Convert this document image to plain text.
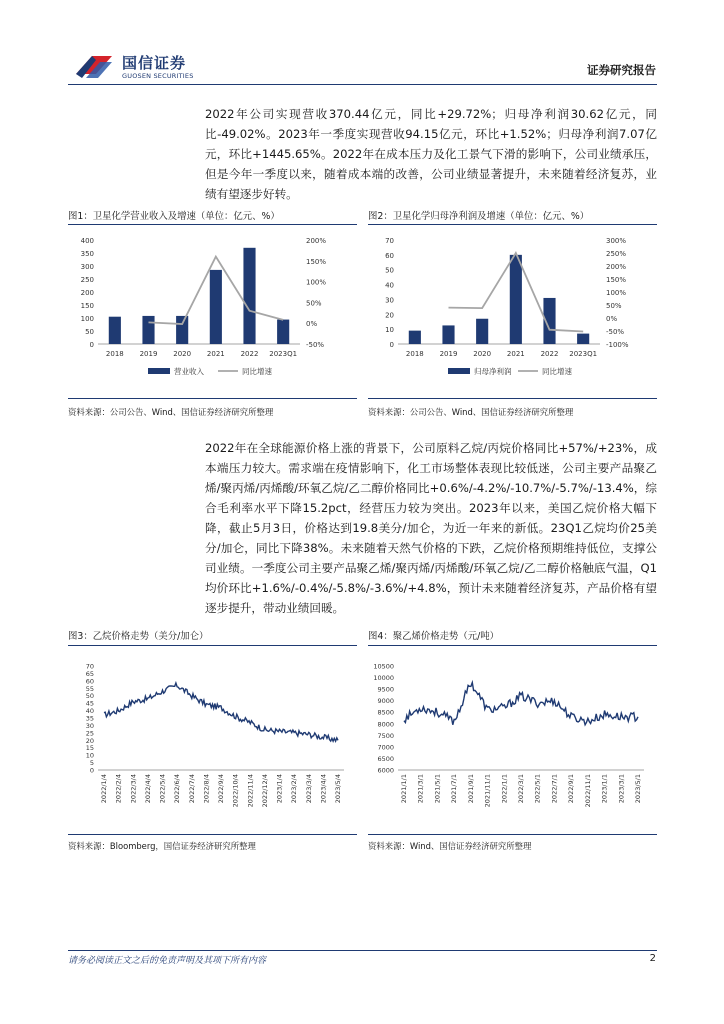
国信证券
GUOSEN SECURITIES	证券研究报告

2022年公司实现营收370.44亿元，同比+29.72%；归母净利润30.62亿元，同比-49.02%。2023年一季度实现营收94.15亿元，环比+1.52%；归母净利润7.07亿元，环比+1445.65%。2022年在成本压力及化工景气下滑的影响下，公司业绩承压，但是今年一季度以来，随着成本端的改善，公司业绩显著提升，未来随着经济复苏，业绩有望逐步好转。

图1：卫星化学营业收入及增速（单位：亿元、%）
0
50
100
150
200
250
300
350
400
-50%
0%
50%
100%
150%
200%
2018 2019 2020 2021 2022 2023Q1
营业收入	同比增速
资料来源：公司公告、Wind、国信证券经济研究所整理
图2：卫星化学归母净利润及增速（单位：亿元、%）
0
10
20
30
40
50
60
70
-100%
-50%
0%
50%
100%
150%
200%
250%
300%
2018 2019 2020 2021 2022 2023Q1
归母净利润	同比增速
资料来源：公司公告、Wind、国信证券经济研究所整理

2022年在全球能源价格上涨的背景下，公司原料乙烷/丙烷价格同比+57%/+23%，成本端压力较大。需求端在疫情影响下，化工市场整体表现比较低迷，公司主要产品聚乙烯/聚丙烯/丙烯酸/环氧乙烷/乙二醇价格同比+0.6%/-4.2%/-10.7%/-5.7%/-13.4%，综合毛利率水平下降15.2pct，经营压力较为突出。2023年以来，美国乙烷价格大幅下降，截止5月3日，价格达到19.8美分/加仑，为近一年来的新低。23Q1乙烷均价25美分/加仑，同比下降38%。未来随着天然气价格的下跌，乙烷价格预期维持低位，支撑公司业绩。一季度公司主要产品聚乙烯/聚丙烯/丙烯酸/环氧乙烷/乙二醇价格触底气温，Q1均价环比+1.6%/-0.4%/-5.8%/-3.6%/+4.8%，预计未来随着经济复苏，产品价格有望逐步提升，带动业绩回暖。

图3：乙烷价格走势（美分/加仑）
0
5
10
15
20
25
30
35
40
45
50
55
60
65
70
2022/1/4 2022/2/4 2022/3/4 2022/4/4 2022/5/4 2022/6/4 2022/7/4 2022/8/4 2022/9/4 2022/10/4 2022/11/4 2022/12/4 2023/1/4 2023/2/4 2023/3/4 2023/4/4 2023/5/4
资料来源：Bloomberg，国信证券经济研究所整理
图4：聚乙烯价格走势（元/吨）
6000
6500
7000
7500
8000
8500
9000
9500
10000
10500
2021/1/1 2021/3/1 2021/5/1 2021/7/1 2021/9/1 2021/11/1 2022/1/1 2022/3/1 2022/5/1 2022/7/1 2022/9/1 2022/11/1 2023/1/1 2023/3/1 2023/5/1
资料来源：Wind、国信证券经济研究所整理
请务必阅读正文之后的免责声明及其项下所有内容	2
